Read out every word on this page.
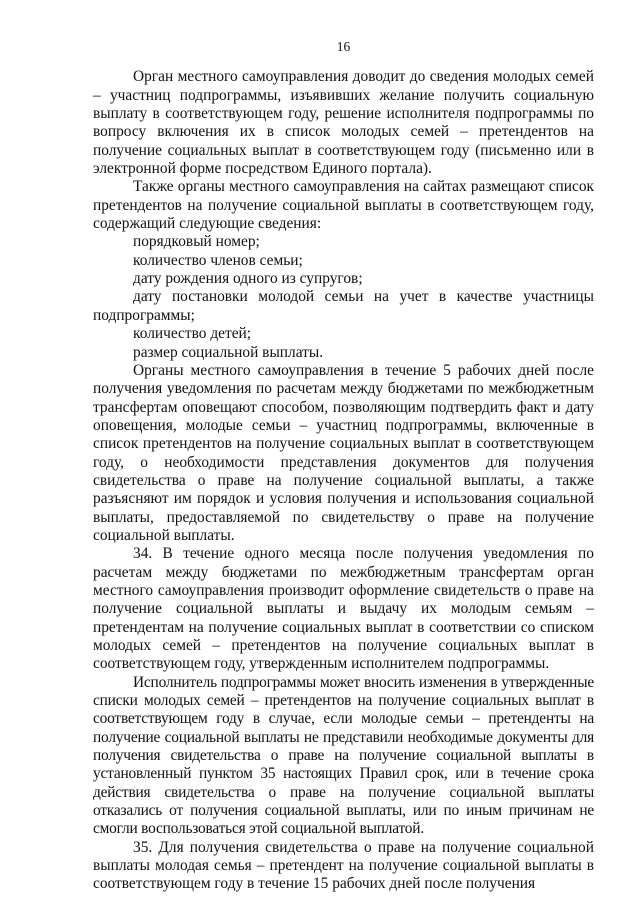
16

Орган местного самоуправления доводит до сведения молодых семей – участниц подпрограммы, изъявивших желание получить социальную выплату в соответствующем году, решение исполнителя подпрограммы по вопросу включения их в список молодых семей – претендентов на получение социальных выплат в соответствующем году (письменно или в электронной форме посредством Единого портала).

Также органы местного самоуправления на сайтах размещают список претендентов на получение социальной выплаты в соответствующем году, содержащий следующие сведения:

порядковый номер;

количество членов семьи;

дату рождения одного из супругов;

дату постановки молодой семьи на учет в качестве участницы подпрограммы;

количество детей;

размер социальной выплаты.

Органы местного самоуправления в течение 5 рабочих дней после получения уведомления по расчетам между бюджетами по межбюджетным трансфертам оповещают способом, позволяющим подтвердить факт и дату оповещения, молодые семьи – участниц подпрограммы, включенные в список претендентов на получение социальных выплат в соответствующем году, о необходимости представления документов для получения свидетельства о праве на получение социальной выплаты, а также разъясняют им порядок и условия получения и использования социальной выплаты, предоставляемой по свидетельству о праве на получение социальной выплаты.

34. В течение одного месяца после получения уведомления по расчетам между бюджетами по межбюджетным трансфертам орган местного самоуправления производит оформление свидетельств о праве на получение социальной выплаты и выдачу их молодым семьям – претендентам на получение социальных выплат в соответствии со списком молодых семей – претендентов на получение социальных выплат в соответствующем году, утвержденным исполнителем подпрограммы.

Исполнитель подпрограммы может вносить изменения в утвержденные списки молодых семей – претендентов на получение социальных выплат в соответствующем году в случае, если молодые семьи – претенденты на получение социальной выплаты не представили необходимые документы для получения свидетельства о праве на получение социальной выплаты в установленный пунктом 35 настоящих Правил срок, или в течение срока действия свидетельства о праве на получение социальной выплаты отказались от получения социальной выплаты, или по иным причинам не смогли воспользоваться этой социальной выплатой.

35. Для получения свидетельства о праве на получение социальной выплаты молодая семья – претендент на получение социальной выплаты в соответствующем году в течение 15 рабочих дней после получения
